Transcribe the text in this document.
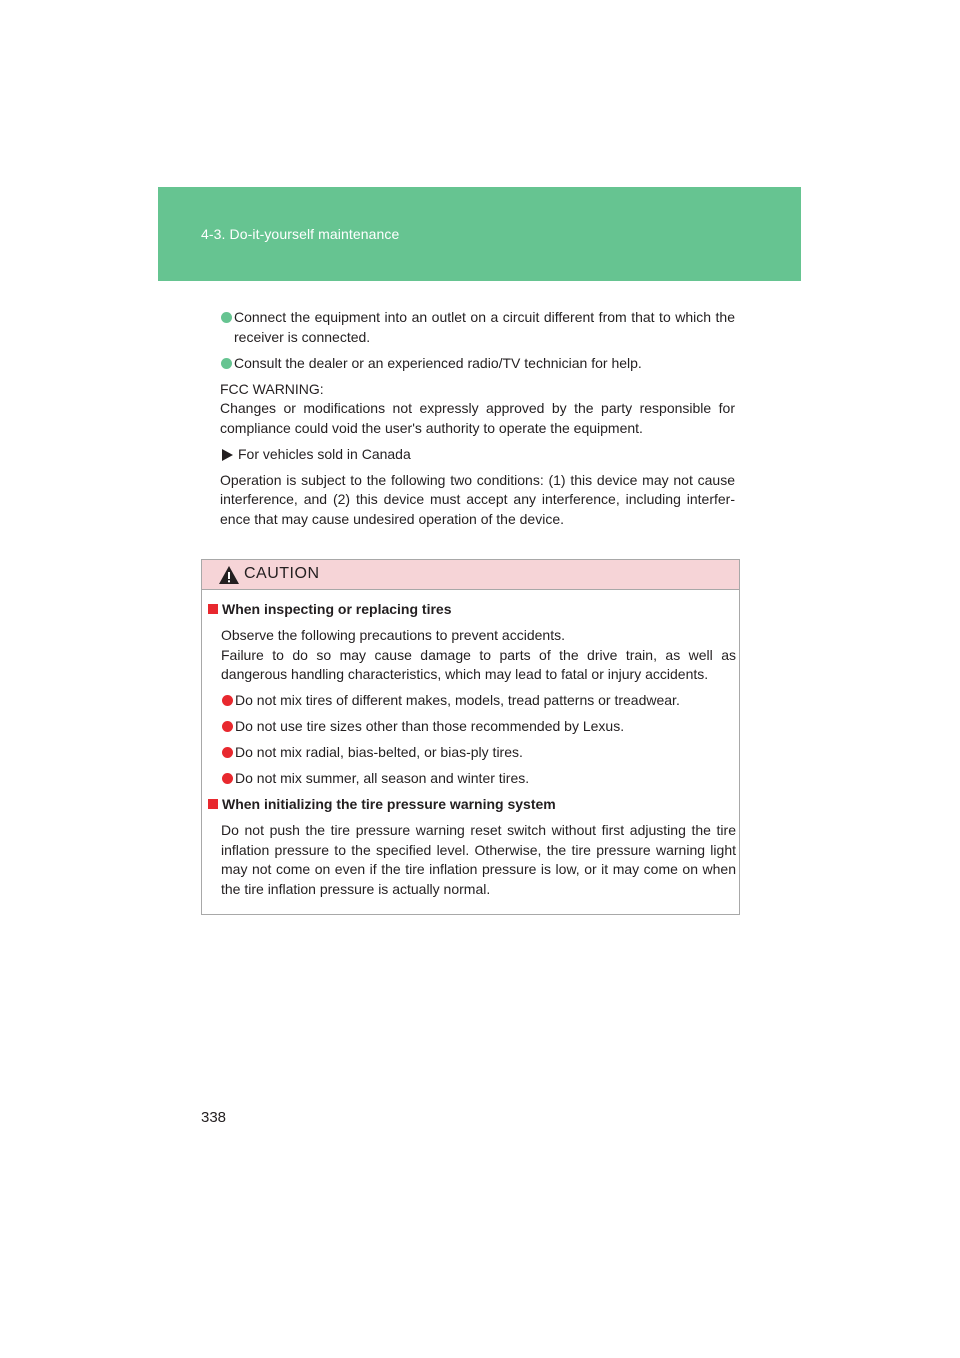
4-3. Do-it-yourself maintenance
Connect the equipment into an outlet on a circuit different from that to which the receiver is connected.
Consult the dealer or an experienced radio/TV technician for help.
FCC WARNING:
Changes or modifications not expressly approved by the party responsible for compliance could void the user's authority to operate the equipment.
For vehicles sold in Canada
Operation is subject to the following two conditions: (1) this device may not cause interference, and (2) this device must accept any interference, including interfer-ence that may cause undesired operation of the device.
CAUTION
When inspecting or replacing tires
Observe the following precautions to prevent accidents.
Failure to do so may cause damage to parts of the drive train, as well as dangerous handling characteristics, which may lead to fatal or injury accidents.
Do not mix tires of different makes, models, tread patterns or treadwear.
Do not use tire sizes other than those recommended by Lexus.
Do not mix radial, bias-belted, or bias-ply tires.
Do not mix summer, all season and winter tires.
When initializing the tire pressure warning system
Do not push the tire pressure warning reset switch without first adjusting the tire inflation pressure to the specified level. Otherwise, the tire pressure warning light may not come on even if the tire inflation pressure is low, or it may come on when the tire inflation pressure is actually normal.
338
